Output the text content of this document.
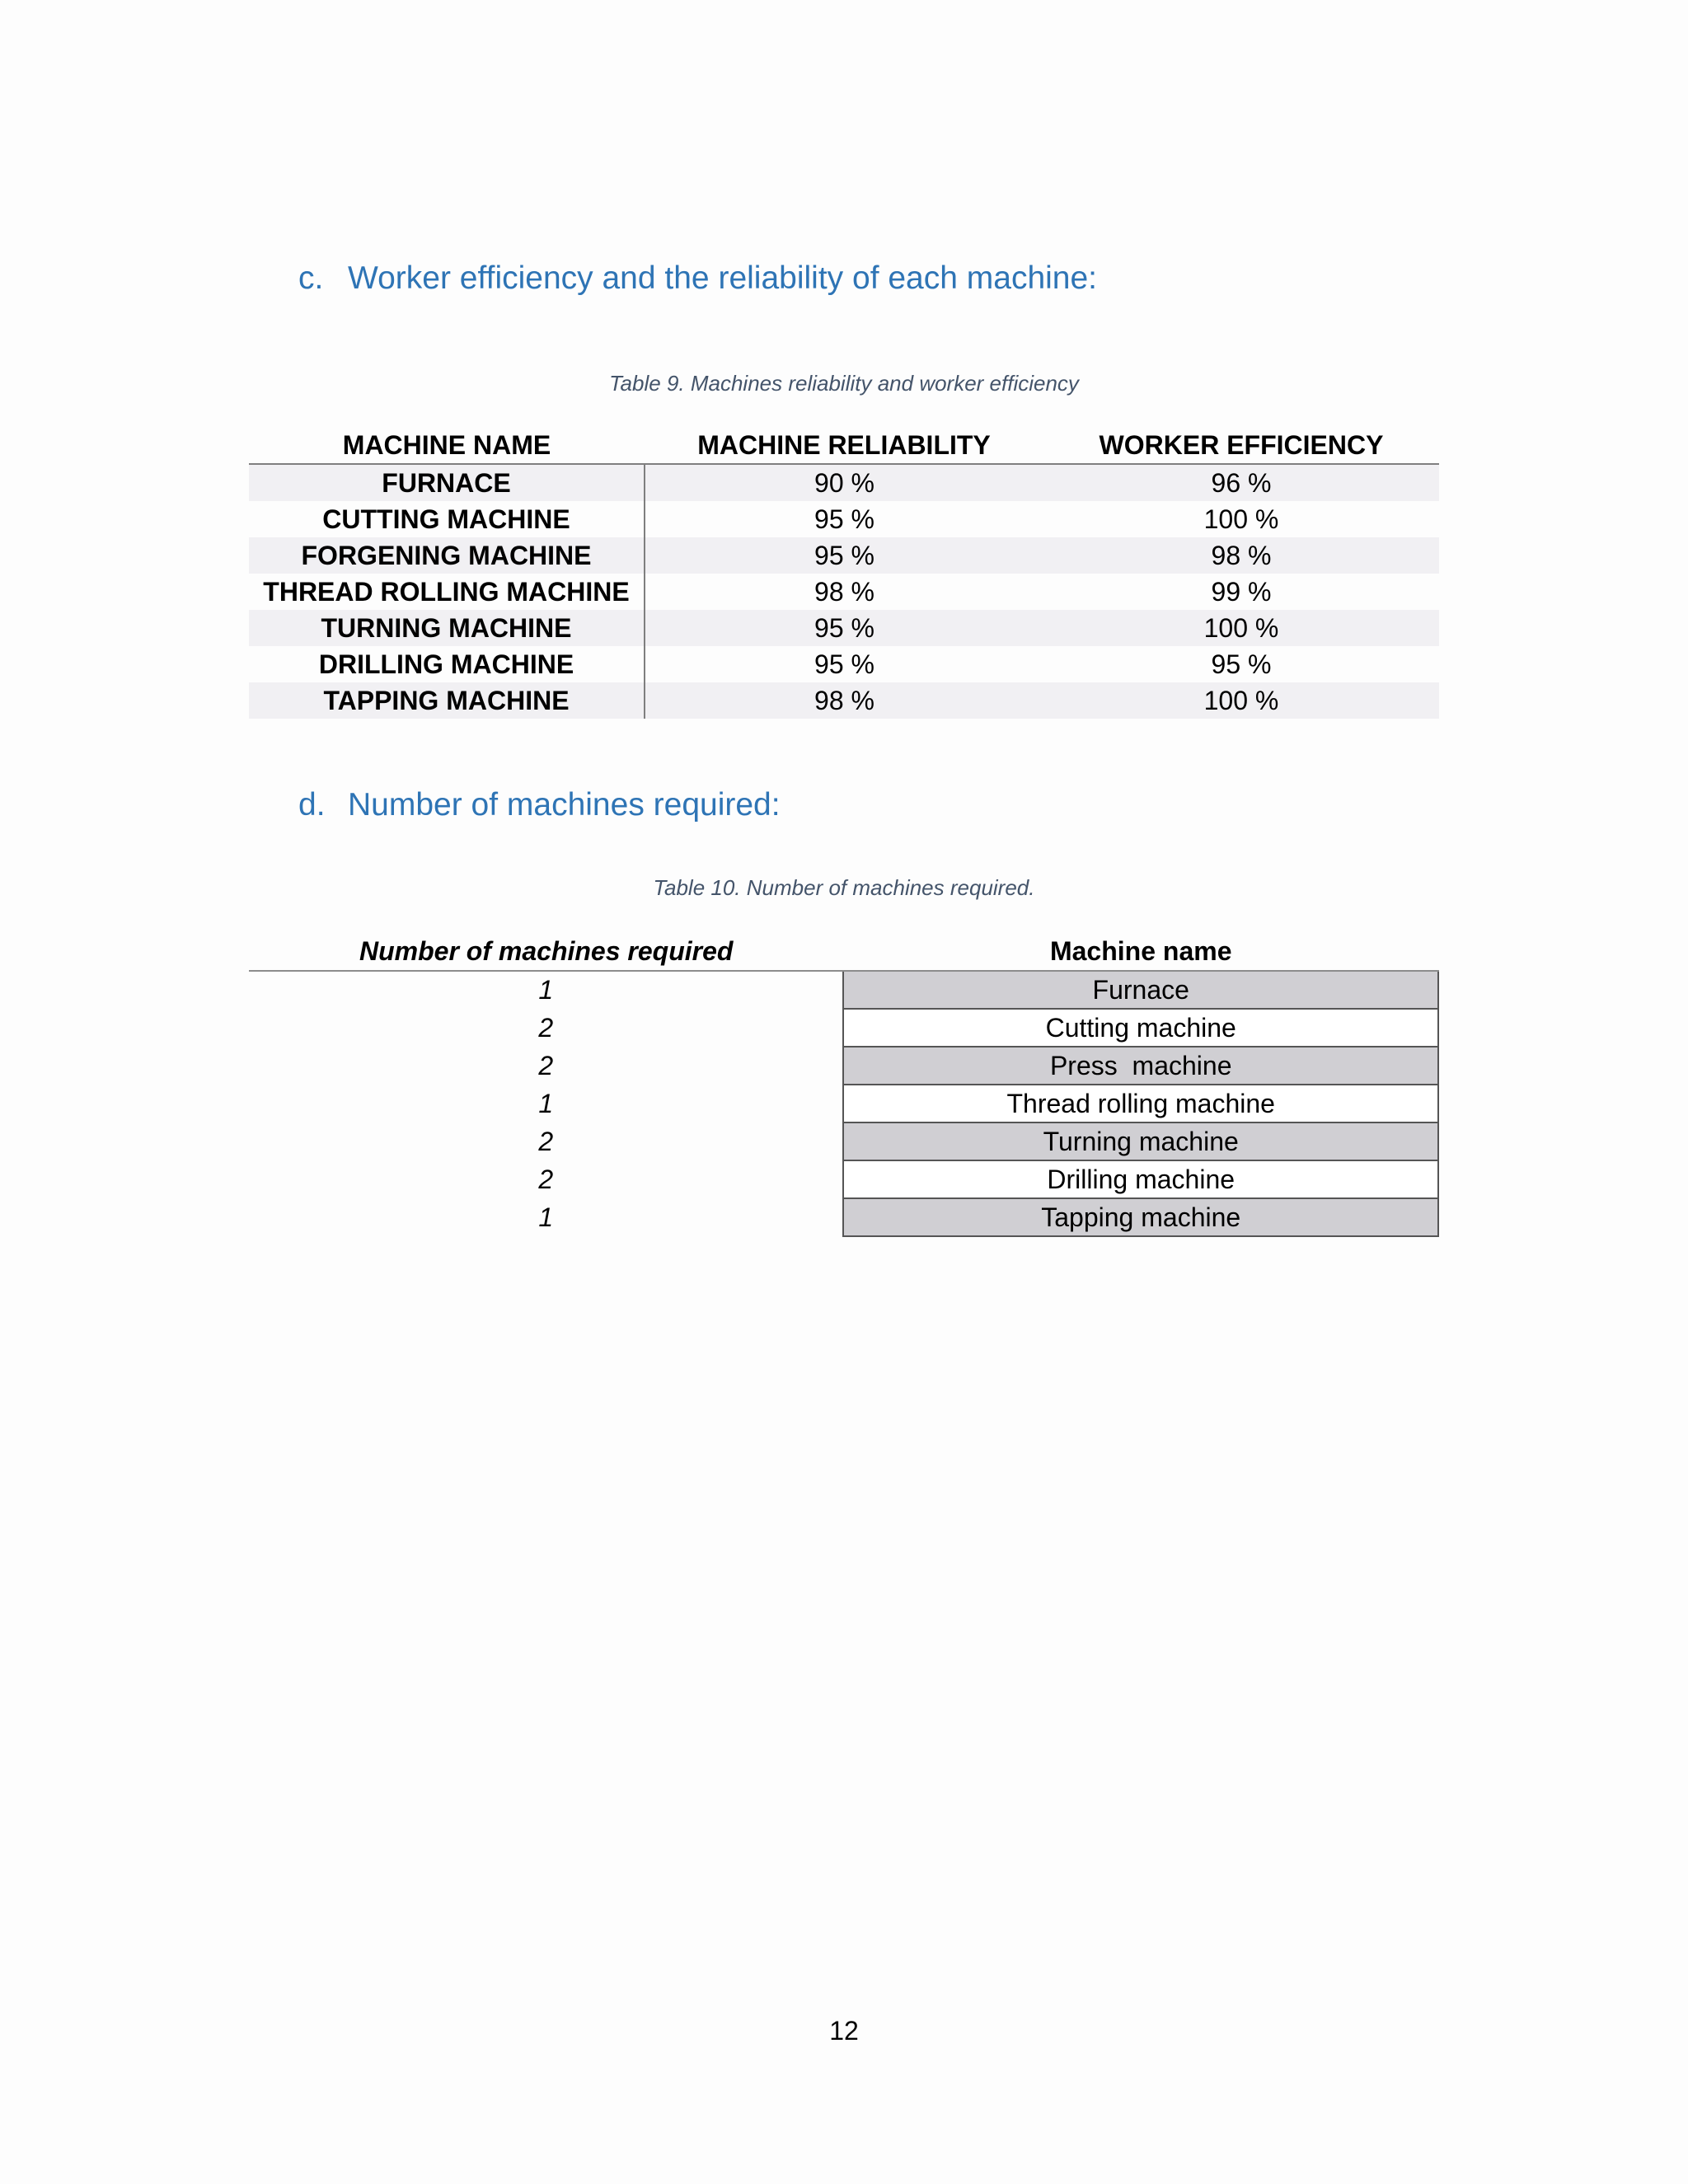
c. Worker efficiency and the reliability of each machine:
Table 9. Machines reliability and worker efficiency
MACHINE NAME	MACHINE RELIABILITY	WORKER EFFICIENCY
FURNACE	90 %	96 %
CUTTING MACHINE	95 %	100 %
FORGENING MACHINE	95 %	98 %
THREAD ROLLING MACHINE	98 %	99 %
TURNING MACHINE	95 %	100 %
DRILLING MACHINE	95 %	95 %
TAPPING MACHINE	98 %	100 %
d. Number of machines required:
Table 10. Number of machines required.
Number of machines required	Machine name
1	Furnace
2	Cutting machine
2	Press  machine
1	Thread rolling machine
2	Turning machine
2	Drilling machine
1	Tapping machine
12
